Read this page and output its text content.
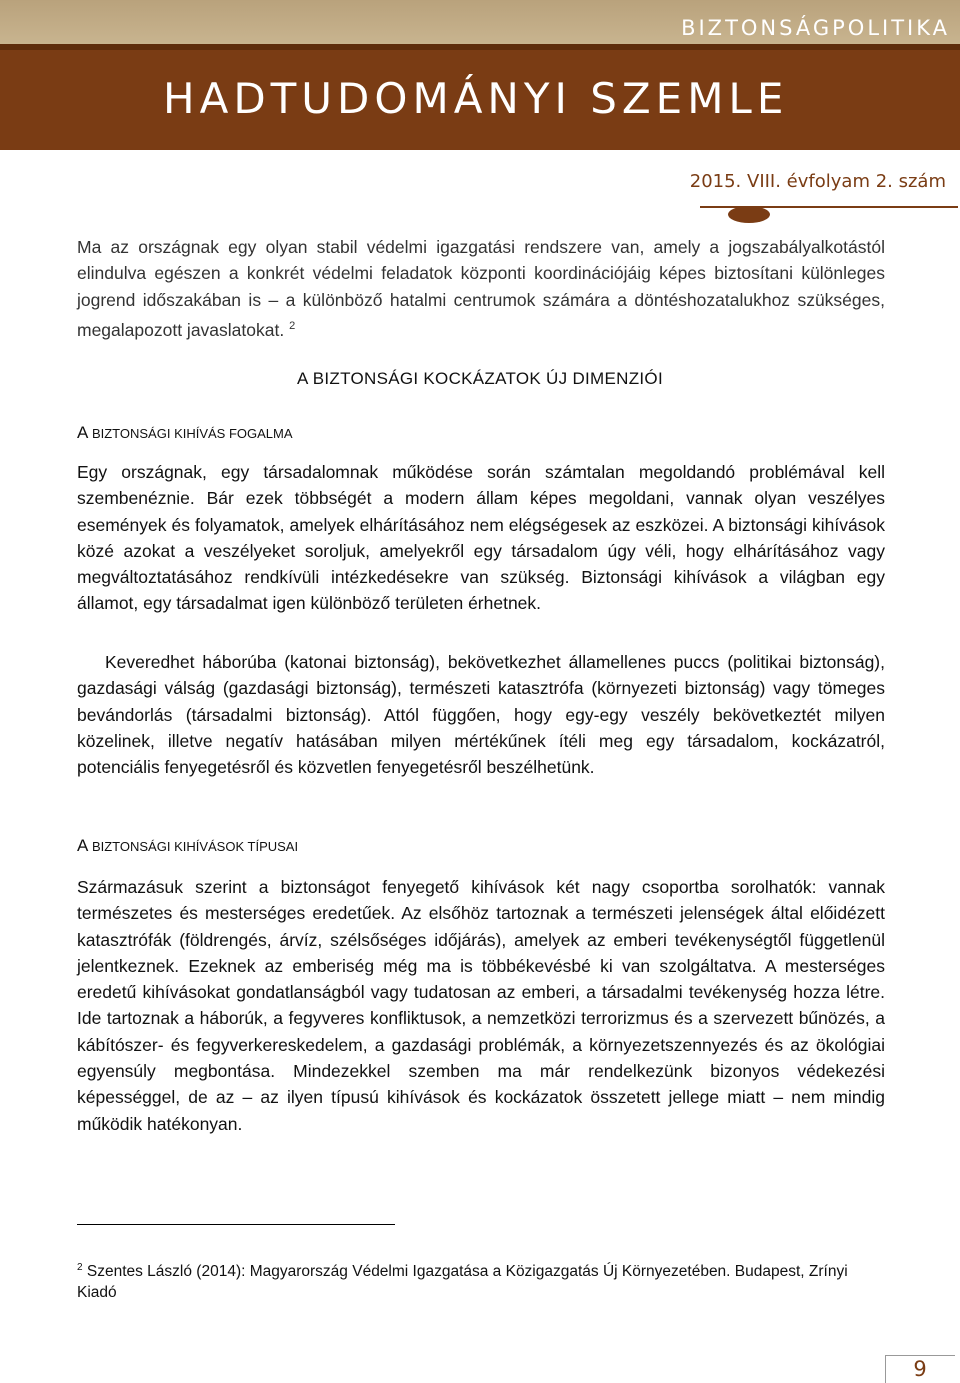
BIZTONSÁGPOLITIKA
HADTUDOMÁNYI SZEMLE
2015. VIII. évfolyam 2. szám

Ma az országnak egy olyan stabil védelmi igazgatási rendszere van, amely a jogszabályalkotástól elindulva egészen a konkrét védelmi feladatok központi koordinációjáig képes biztosítani különleges jogrend időszakában is – a különböző hatalmi centrumok számára a döntéshozatalukhoz szükséges, megalapozott javaslatokat. $^2$

A BIZTONSÁGI KOCKÁZATOK ÚJ DIMENZIÓI
A BIZTONSÁGI KIHÍVÁS FOGALMA

Egy országnak, egy társadalomnak működése során számtalan megoldandó problémával kell szembenéznie. Bár ezek többségét a modern állam képes megoldani, vannak olyan veszélyes események és folyamatok, amelyek elhárításához nem elégségesek az eszközei. A biztonsági kihívások közé azokat a veszélyeket soroljuk, amelyekről egy társadalom úgy véli, hogy elhárításához vagy megváltoztatásához rendkívüli intézkedésekre van szükség. Biztonsági kihívások a világban egy államot, egy társadalmat igen különböző területen érhetnek.

Keveredhet háborúba (katonai biztonság), bekövetkezhet államellenes puccs (politikai biztonság), gazdasági válság (gazdasági biztonság), természeti katasztrófa (környezeti biztonság) vagy tömeges bevándorlás (társadalmi biztonság). Attól függően, hogy egy-egy veszély bekövetkeztét milyen közelinek, illetve negatív hatásában milyen mértékűnek ítéli meg egy társadalom, kockázatról, potenciális fenyegetésről és közvetlen fenyegetésről beszélhetünk.

A BIZTONSÁGI KIHÍVÁSOK TÍPUSAI

Származásuk szerint a biztonságot fenyegető kihívások két nagy csoportba sorolhatók: vannak természetes és mesterséges eredetűek. Az elsőhöz tartoznak a természeti jelenségek által előidézett katasztrófák (földrengés, árvíz, szélsőséges időjárás), amelyek az emberi tevékenységtől függetlenül jelentkeznek. Ezeknek az emberiség még ma is többékevésbé ki van szolgáltatva. A mesterséges eredetű kihívásokat gondatlanságból vagy tudatosan az emberi, a társadalmi tevékenység hozza létre. Ide tartoznak a háborúk, a fegyveres konfliktusok, a nemzetközi terrorizmus és a szervezett bűnözés, a kábítószer- és fegyverkereskedelem, a gazdasági problémák, a környezetszennyezés és az ökológiai egyensúly megbontása. Mindezekkel szemben ma már rendelkezünk bizonyos védekezési képességgel, de az – az ilyen típusú kihívások és kockázatok összetett jellege miatt – nem mindig működik hatékonyan.

$^2$ Szentes László (2014): Magyarország Védelmi Igazgatása a Közigazgatás Új Környezetében. Budapest, Zrínyi Kiadó

9
